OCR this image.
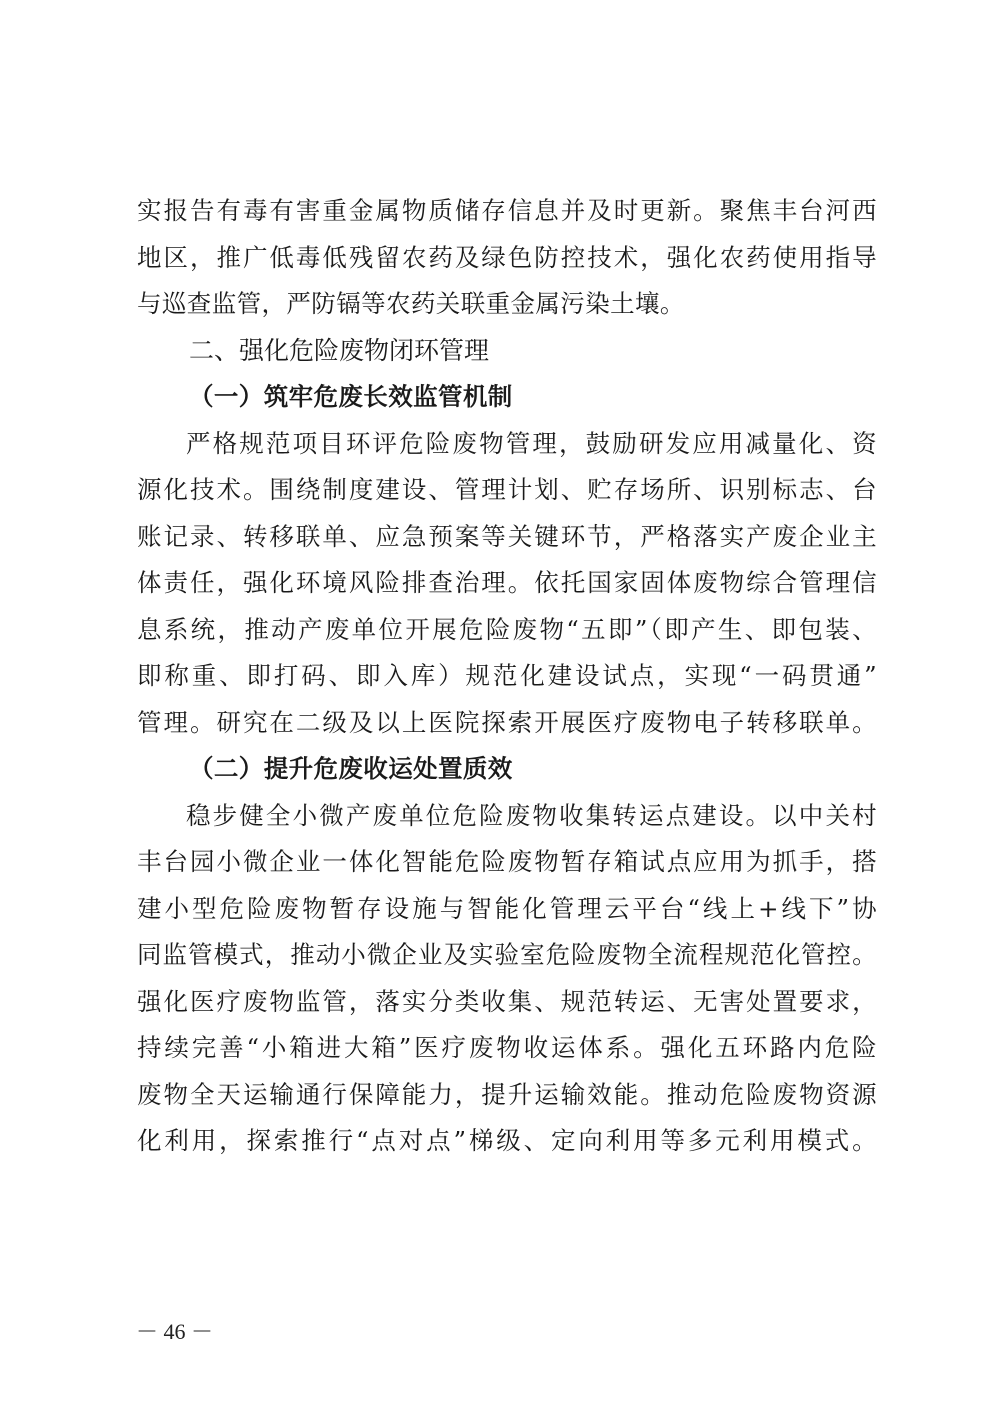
实报告有毒有害重金属物质储存信息并及时更新。聚焦丰台河西
地区，推广低毒低残留农药及绿色防控技术，强化农药使用指导
与巡查监管，严防镉等农药关联重金属污染土壤。
二、强化危险废物闭环管理
（一）筑牢危废长效监管机制
严格规范项目环评危险废物管理，鼓励研发应用减量化、资
源化技术。围绕制度建设、管理计划、贮存场所、识别标志、台
账记录、转移联单、应急预案等关键环节，严格落实产废企业主
体责任，强化环境风险排查治理。依托国家固体废物综合管理信
息系统，推动产废单位开展危险废物“五即”（即产生、即包装、
即称重、即打码、即入库）规范化建设试点，实现“一码贯通”
管理。研究在二级及以上医院探索开展医疗废物电子转移联单。
（二）提升危废收运处置质效
稳步健全小微产废单位危险废物收集转运点建设。以中关村
丰台园小微企业一体化智能危险废物暂存箱试点应用为抓手，搭
建小型危险废物暂存设施与智能化管理云平台“线上+线下”协
同监管模式，推动小微企业及实验室危险废物全流程规范化管控。
强化医疗废物监管，落实分类收集、规范转运、无害处置要求，
持续完善“小箱进大箱”医疗废物收运体系。强化五环路内危险
废物全天运输通行保障能力，提升运输效能。推动危险废物资源
化利用，探索推行“点对点”梯级、定向利用等多元利用模式。
－ 46 －
